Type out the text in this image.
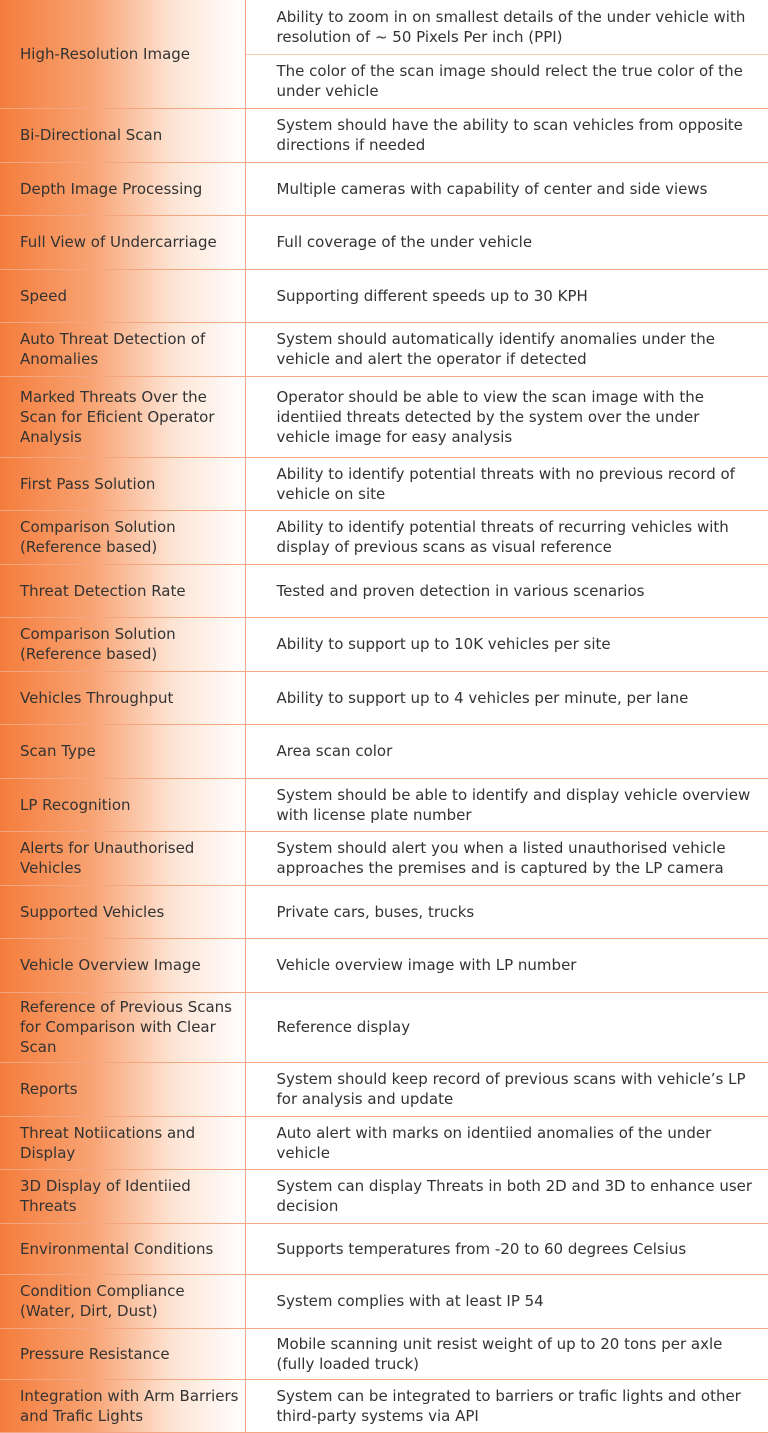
High-Resolution Image	Ability to zoom in on smallest details of the under vehicle with resolution of ~ 50 Pixels Per inch (PPI)
	The color of the scan image should relect the true color of the under vehicle
Bi-Directional Scan	System should have the ability to scan vehicles from opposite directions if needed
Depth Image Processing	Multiple cameras with capability of center and side views
Full View of Undercarriage	Full coverage of the under vehicle
Speed	Supporting different speeds up to 30 KPH
Auto Threat Detection of Anomalies	System should automatically identify anomalies under the vehicle and alert the operator if detected
Marked Threats Over the Scan for Eficient Operator Analysis	Operator should be able to view the scan image with the identiied threats detected by the system over the under vehicle image for easy analysis
First Pass Solution	Ability to identify potential threats with no previous record of vehicle on site
Comparison Solution (Reference based)	Ability to identify potential threats of recurring vehicles with display of previous scans as visual reference
Threat Detection Rate	Tested and proven detection in various scenarios
Comparison Solution (Reference based)	Ability to support up to 10K vehicles per site
Vehicles Throughput	Ability to support up to 4 vehicles per minute, per lane
Scan Type	Area scan color
LP Recognition	System should be able to identify and display vehicle overview with license plate number
Alerts for Unauthorised Vehicles	System should alert you when a listed unauthorised vehicle approaches the premises and is captured by the LP camera
Supported Vehicles	Private cars, buses, trucks
Vehicle Overview Image	Vehicle overview image with LP number
Reference of Previous Scans for Comparison with Clear Scan	Reference display
Reports	System should keep record of previous scans with vehicle’s LP for analysis and update
Threat Notiications and Display	Auto alert with marks on identiied anomalies of the under vehicle
3D Display of Identiied Threats	System can display Threats in both 2D and 3D to enhance user decision
Environmental Conditions	Supports temperatures from -20 to 60 degrees Celsius
Condition Compliance (Water, Dirt, Dust)	System complies with at least IP 54
Pressure Resistance	Mobile scanning unit resist weight of up to 20 tons per axle (fully loaded truck)
Integration with Arm Barriers and Trafic Lights	System can be integrated to barriers or trafic lights and other third-party systems via API
